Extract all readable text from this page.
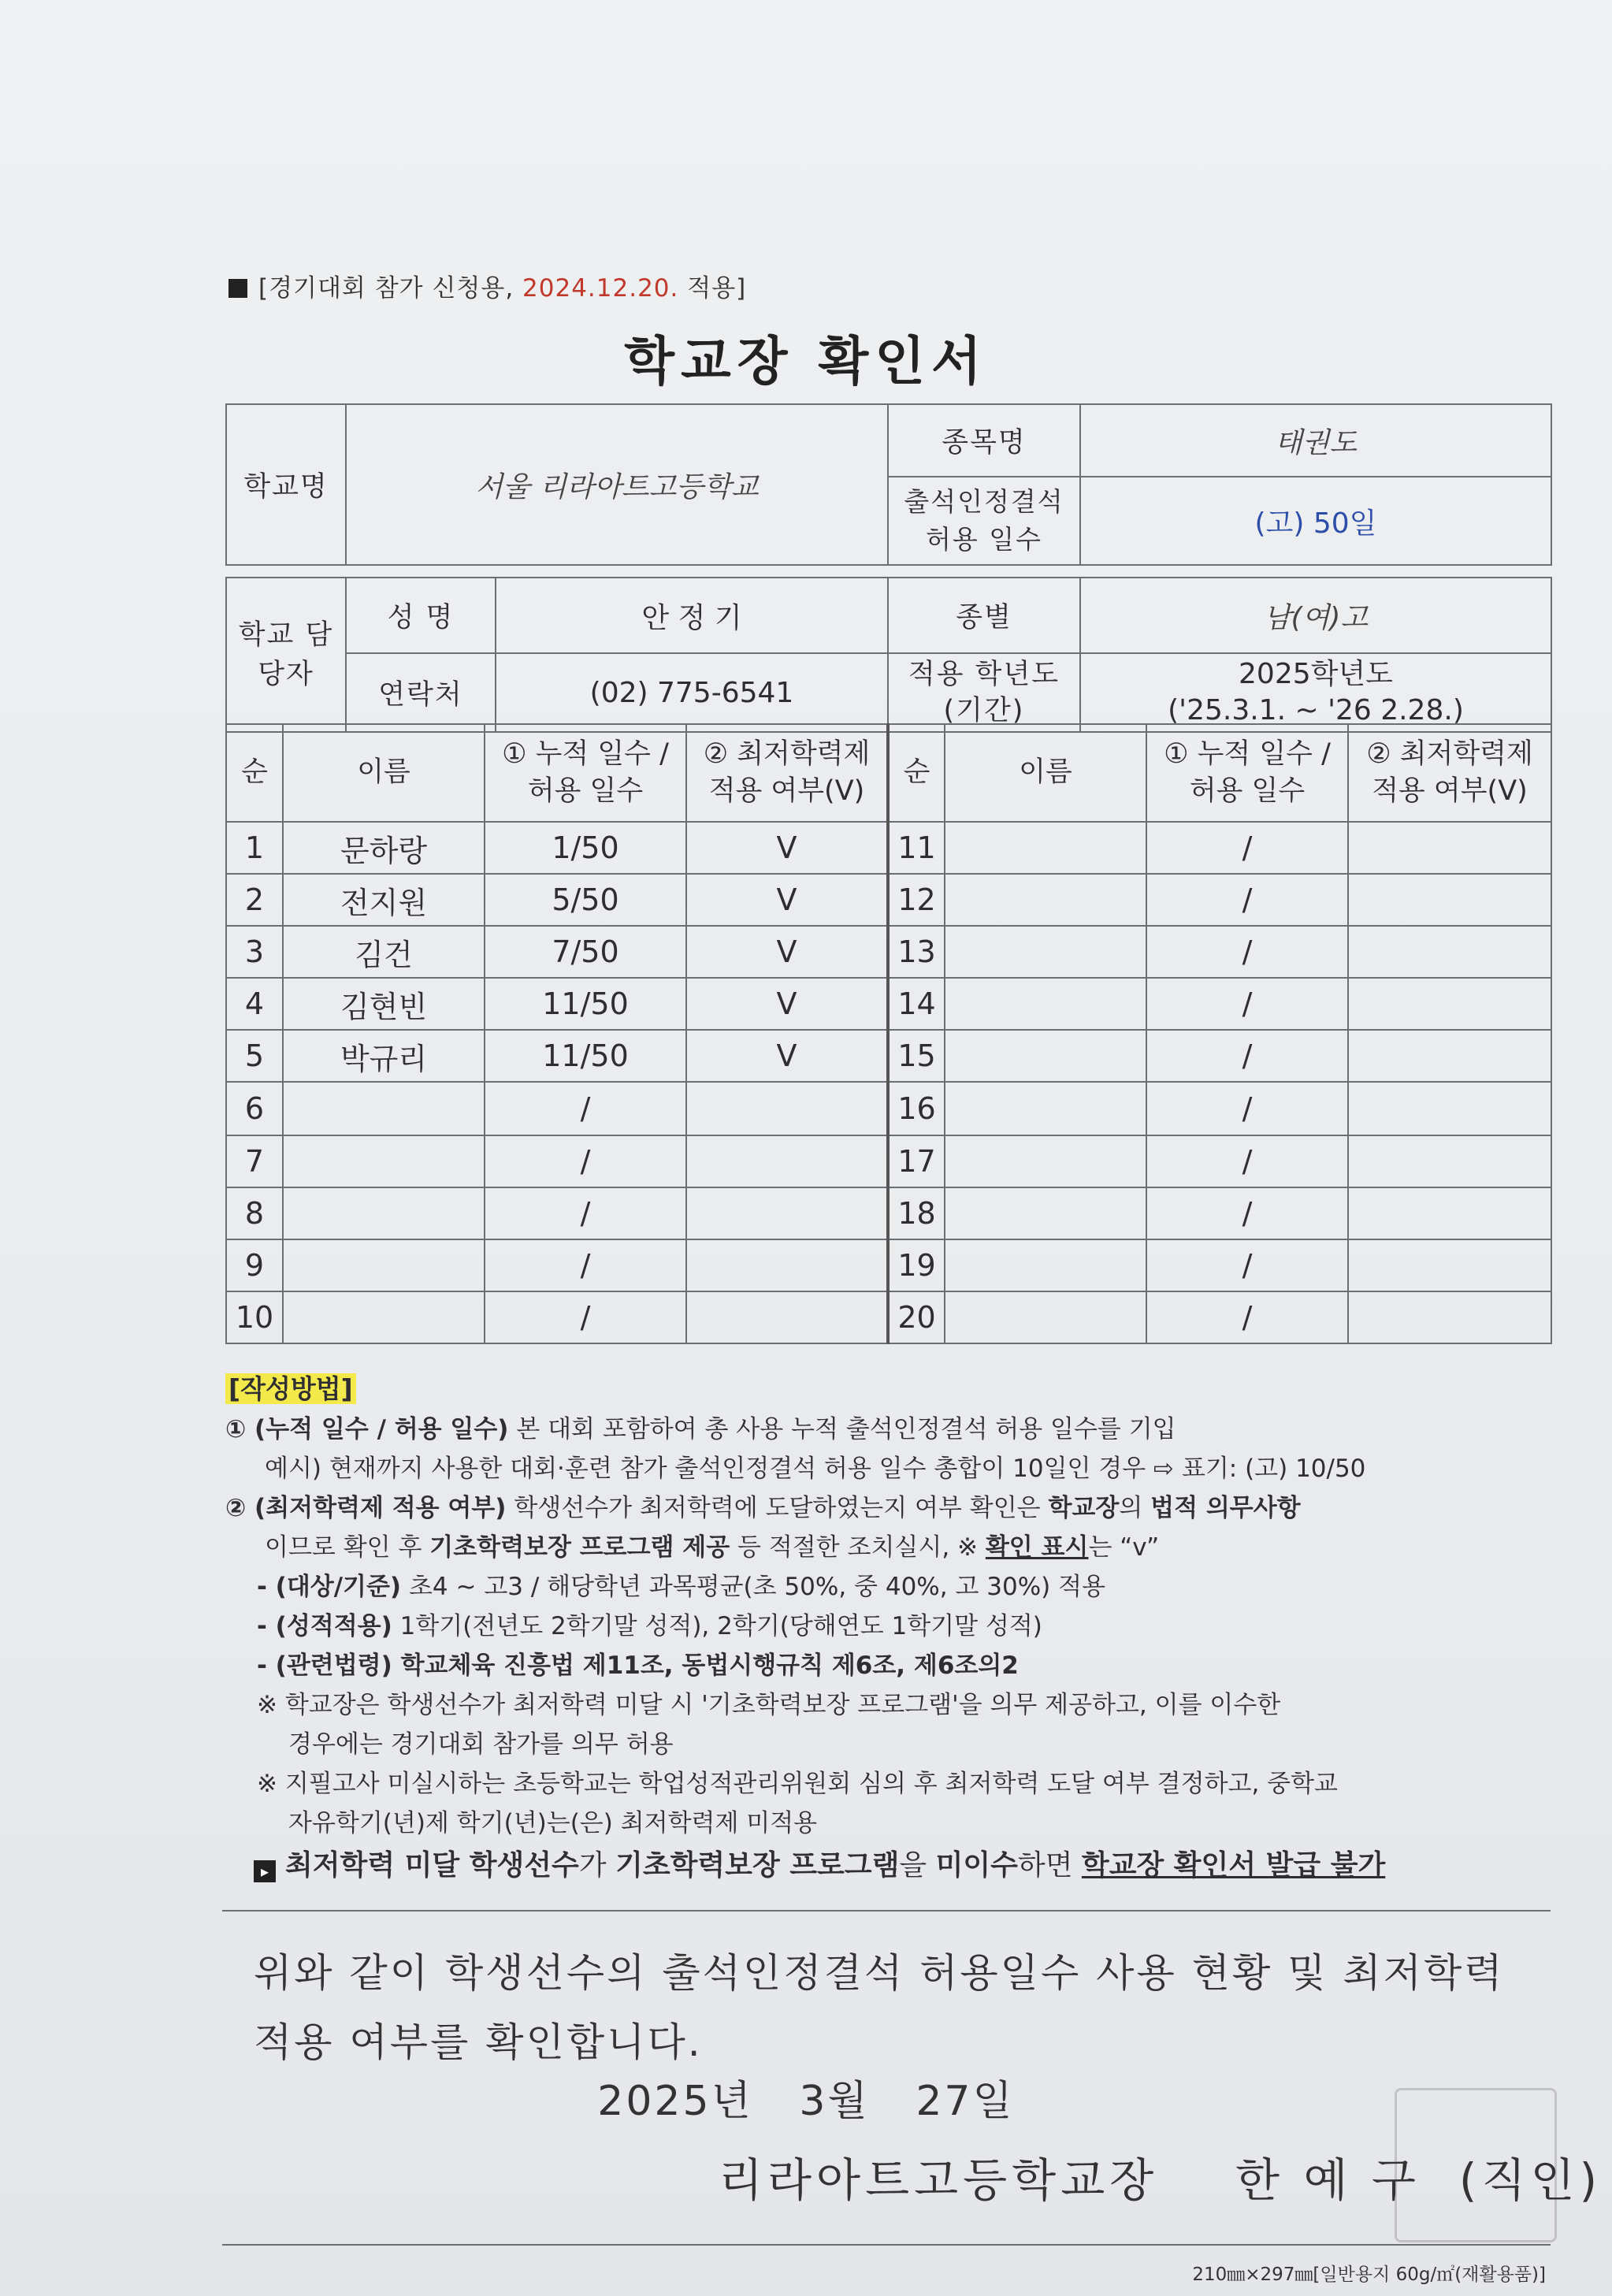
[경기대회 참가 신청용, 2024.12.20. 적용]
학교장 확인서
학교명	서울 리라아트고등학교		종목명	태권도
			출석인정결석 허용 일수	(고) 50일

학교 담당자	성 명	안 정 기	종별	남(여)고
	연락처	(02) 775-6541	적용 학년도 (기간)	2025학년도
('25.3.1. ~ '26 2.28.)
순	이름	① 누적 일수 / 허용 일수	② 최저학력제 적용 여부(V)	순	이름	① 누적 일수 / 허용 일수	② 최저학력제 적용 여부(V)
1	문하랑	1/50	V	11		/	
2	전지원	5/50	V	12		/	
3	김건	7/50	V	13		/	
4	김현빈	11/50	V	14		/	
5	박규리	11/50	V	15		/	
6		/		16		/	
7		/		17		/	
8		/		18		/	
9		/		19		/	
10		/		20		/	
[작성방법]
① (누적 일수 / 허용 일수) 본 대회 포함하여 총 사용 누적 출석인정결석 허용 일수를 기입
예시) 현재까지 사용한 대회·훈련 참가 출석인정결석 허용 일수 총합이 10일인 경우 ⇨ 표기: (고) 10/50
② (최저학력제 적용 여부) 학생선수가 최저학력에 도달하였는지 여부 확인은 학교장의 법적 의무사항
이므로 확인 후 기초학력보장 프로그램 제공 등 적절한 조치실시, ※ 확인 표시는 “v”
- (대상/기준) 초4 ~ 고3 / 해당학년 과목평균(초 50%, 중 40%, 고 30%) 적용
- (성적적용) 1학기(전년도 2학기말 성적), 2학기(당해연도 1학기말 성적)
- (관련법령) 학교체육 진흥법 제11조, 동법시행규칙 제6조, 제6조의2
※ 학교장은 학생선수가 최저학력 미달 시 '기초학력보장 프로그램'을 의무 제공하고, 이를 이수한
경우에는 경기대회 참가를 의무 허용
※ 지필고사 미실시하는 초등학교는 학업성적관리위원회 심의 후 최저학력 도달 여부 결정하고, 중학교
자유학기(년)제 학기(년)는(은) 최저학력제 미적용
▸ 최저학력 미달 학생선수가 기초학력보장 프로그램을 미이수하면 학교장 확인서 발급 불가
위와 같이 학생선수의 출석인정결석 허용일수 사용 현황 및 최저학력
적용 여부를 확인합니다.
2025년   3월   27일
리라아트고등학교장    한 예 구  (직인)
210㎜×297㎜[일반용지 60g/㎡(재활용품)]
